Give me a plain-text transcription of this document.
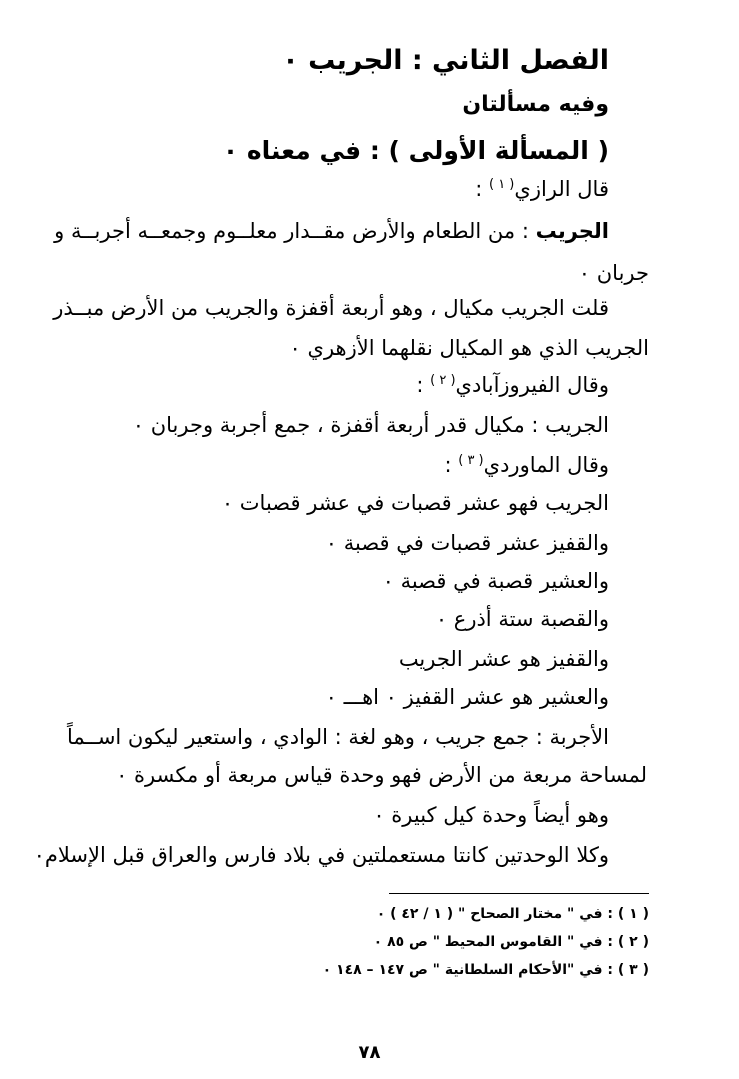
الفصل الثاني : الجريب ٠
وفيه مسألتان
( المسألة الأولى ) : في معناه ٠
قال الرازي$^{( ١ )}$ :
الجريب : من الطعام والأرض مقــدار معلــوم وجمعــه أجربــة و
جربان ٠
قلت الجريب مكيال ، وهو أربعة أقفزة والجريب من الأرض مبــذر
الجريب الذي هو المكيال نقلهما الأزهري ٠
وقال الفيروزآبادي$^{( ٢ )}$ :
الجريب : مكيال قدر أربعة أقفزة ، جمع أجربة وجربان ٠
وقال الماوردي$^{( ٣ )}$ :
الجريب فهو عشر قصبات في عشر قصبات ٠
والقفيز عشر قصبات في قصبة ٠
والعشير قصبة في قصبة ٠
والقصبة ستة أذرع ٠
والقفيز هو عشر الجريب
والعشير هو عشر القفيز ٠ اهـــ ٠
الأجربة : جمع جريب ، وهو لغة : الوادي ، واستعير ليكون اســماً
لمساحة مربعة من الأرض فهو وحدة قياس مربعة أو مكسرة ٠
وهو أيضاً وحدة كيل كبيرة ٠
وكلا الوحدتين كانتا مستعملتين في بلاد فارس والعراق قبل الإسلام٠
( ١ ) : في " مختار الصحاح " ( ١ / ٤٢ ) ٠
( ٢ ) : في " القاموس المحيط " ص ٨٥ ٠
( ٣ ) : في "الأحكام السلطانية " ص ١٤٧ – ١٤٨ ٠
٧٨
